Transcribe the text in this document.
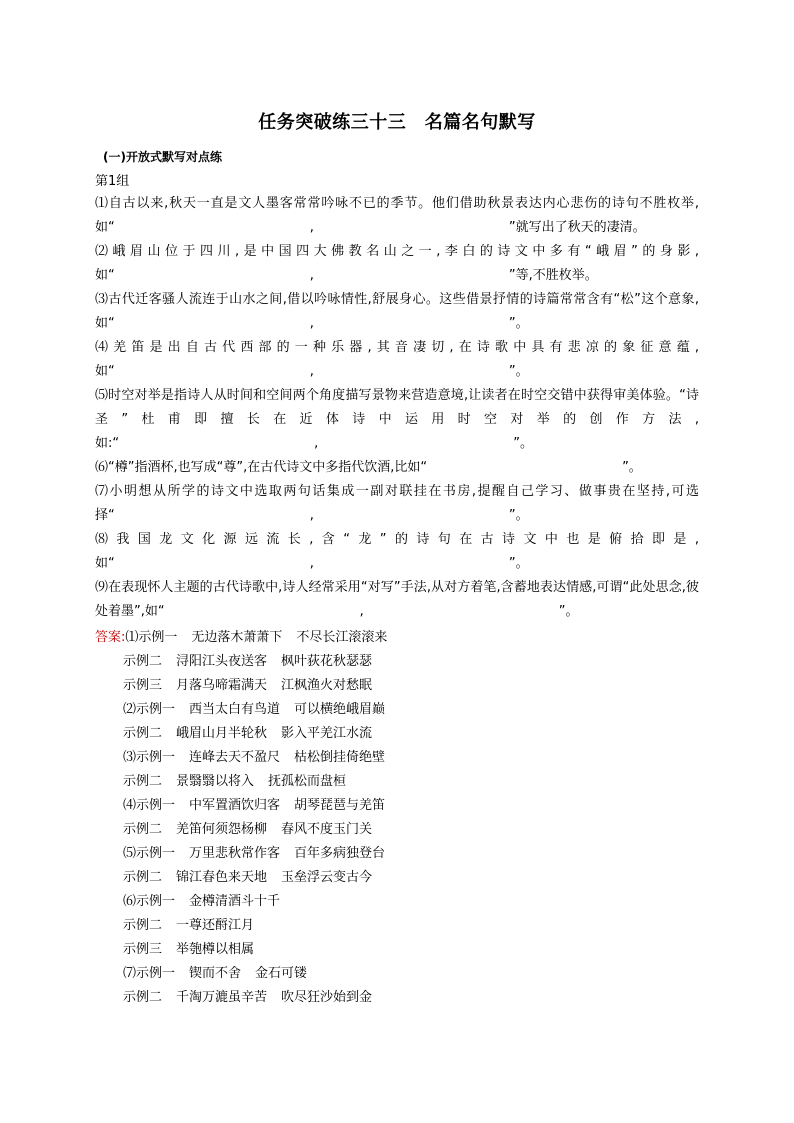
任务突破练三十三　名篇名句默写
(一)开放式默写对点练
第1组

⑴自古以来,秋天一直是文人墨客常常吟咏不已的季节。他们借助秋景表达内心悲伤的诗句不胜枚举,如“　　　　　　　　　　　　　　　,　　　　　　　　　　　　　　　”就写出了秋天的凄清。

⑵峨眉山位于四川,是中国四大佛教名山之一,李白的诗文中多有“峨眉”的身影,如“　　　　　　　　　　　　　　　,　　　　　　　　　　　　　　　”等,不胜枚举。

⑶古代迁客骚人流连于山水之间,借以吟咏情性,舒展身心。这些借景抒情的诗篇常常含有“松”这个意象,如“　　　　　　　　　　　　　　　,　　　　　　　　　　　　　　　”。

⑷羌笛是出自古代西部的一种乐器,其音凄切,在诗歌中具有悲凉的象征意蕴,如“　　　　　　　　　　　　　　　,　　　　　　　　　　　　　　　”。

⑸时空对举是指诗人从时间和空间两个角度描写景物来营造意境,让读者在时空交错中获得审美体验。“诗圣”杜甫即擅长在近体诗中运用时空对举的创作方法,如:“　　　　　　　　　　　　　　　,　　　　　　　　　　　　　　　”。

⑹“樽”指酒杯,也写成“尊”,在古代诗文中多指代饮酒,比如“　　　　　　　　　　　　　　　”。

⑺小明想从所学的诗文中选取两句话集成一副对联挂在书房,提醒自己学习、做事贵在坚持,可选择“　　　　　　　　　　　　　　　,　　　　　　　　　　　　　　　”。

⑻我国龙文化源远流长,含“龙”的诗句在古诗文中也是俯拾即是,如“　　　　　　　　　　　　　　　,　　　　　　　　　　　　　　　”。

⑼在表现怀人主题的古代诗歌中,诗人经常采用“对写”手法,从对方着笔,含蓄地表达情感,可谓“此处思念,彼处着墨”,如“　　　　　　　　　　　　　　　,　　　　　　　　　　　　　　　”。

答案:⑴示例一 无边落木萧萧下 不尽长江滚滚来
示例二 浔阳江头夜送客 枫叶荻花秋瑟瑟
示例三 月落乌啼霜满天 江枫渔火对愁眠
⑵示例一 西当太白有鸟道 可以横绝峨眉巅
示例二 峨眉山月半轮秋 影入平羌江水流
⑶示例一 连峰去天不盈尺 枯松倒挂倚绝壁
示例二 景翳翳以将入 抚孤松而盘桓
⑷示例一 中军置酒饮归客 胡琴琵琶与羌笛
示例二 羌笛何须怨杨柳 春风不度玉门关
⑸示例一 万里悲秋常作客 百年多病独登台
示例二 锦江春色来天地 玉垒浮云变古今
⑹示例一 金樽清酒斗十千
示例二 一尊还酹江月
示例三 举匏樽以相属
⑺示例一 锲而不舍 金石可镂
示例二 千淘万漉虽辛苦 吹尽狂沙始到金
